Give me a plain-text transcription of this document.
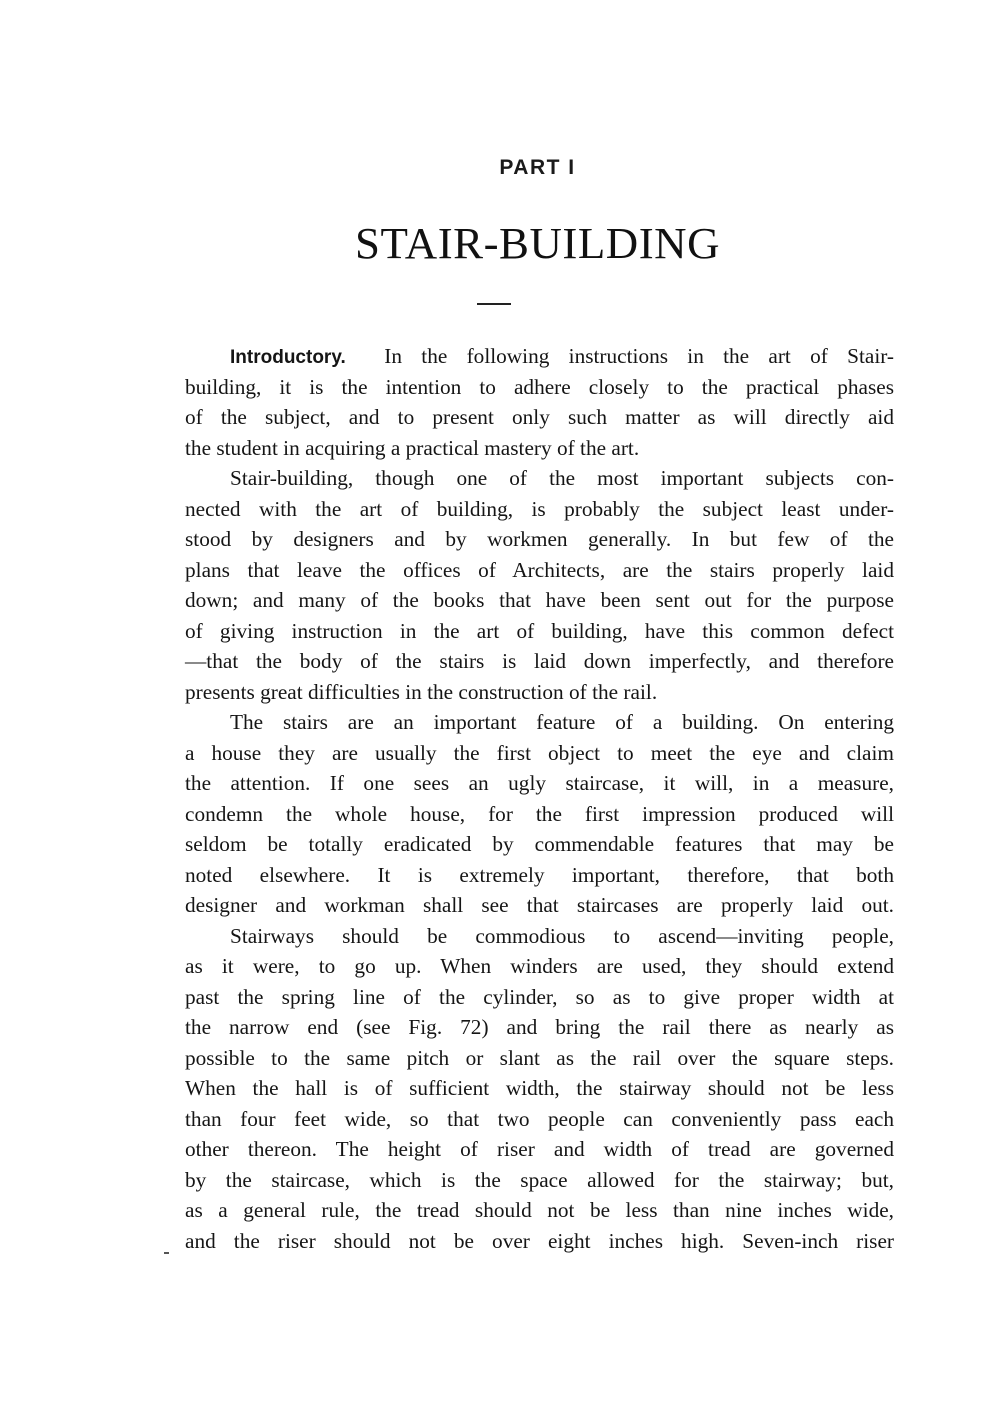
PART I
STAIR-BUILDING
Introductory. In the following instructions in the art of Stair-
building, it is the intention to adhere closely to the practical phases
of the subject, and to present only such matter as will directly aid
the student in acquiring a practical mastery of the art.
Stair-building, though one of the most important subjects con-
nected with the art of building, is probably the subject least under-
stood by designers and by workmen generally. In but few of the
plans that leave the offices of Architects, are the stairs properly laid
down; and many of the books that have been sent out for the purpose
of giving instruction in the art of building, have this common defect
—that the body of the stairs is laid down imperfectly, and therefore
presents great difficulties in the construction of the rail.
The stairs are an important feature of a building. On entering
a house they are usually the first object to meet the eye and claim
the attention. If one sees an ugly staircase, it will, in a measure,
condemn the whole house, for the first impression produced will
seldom be totally eradicated by commendable features that may be
noted elsewhere. It is extremely important, therefore, that both
designer and workman shall see that staircases are properly laid out.
Stairways should be commodious to ascend—inviting people,
as it were, to go up. When winders are used, they should extend
past the spring line of the cylinder, so as to give proper width at
the narrow end (see Fig. 72) and bring the rail there as nearly as
possible to the same pitch or slant as the rail over the square steps.
When the hall is of sufficient width, the stairway should not be less
than four feet wide, so that two people can conveniently pass each
other thereon. The height of riser and width of tread are governed
by the staircase, which is the space allowed for the stairway; but,
as a general rule, the tread should not be less than nine inches wide,
and the riser should not be over eight inches high. Seven-inch riser
